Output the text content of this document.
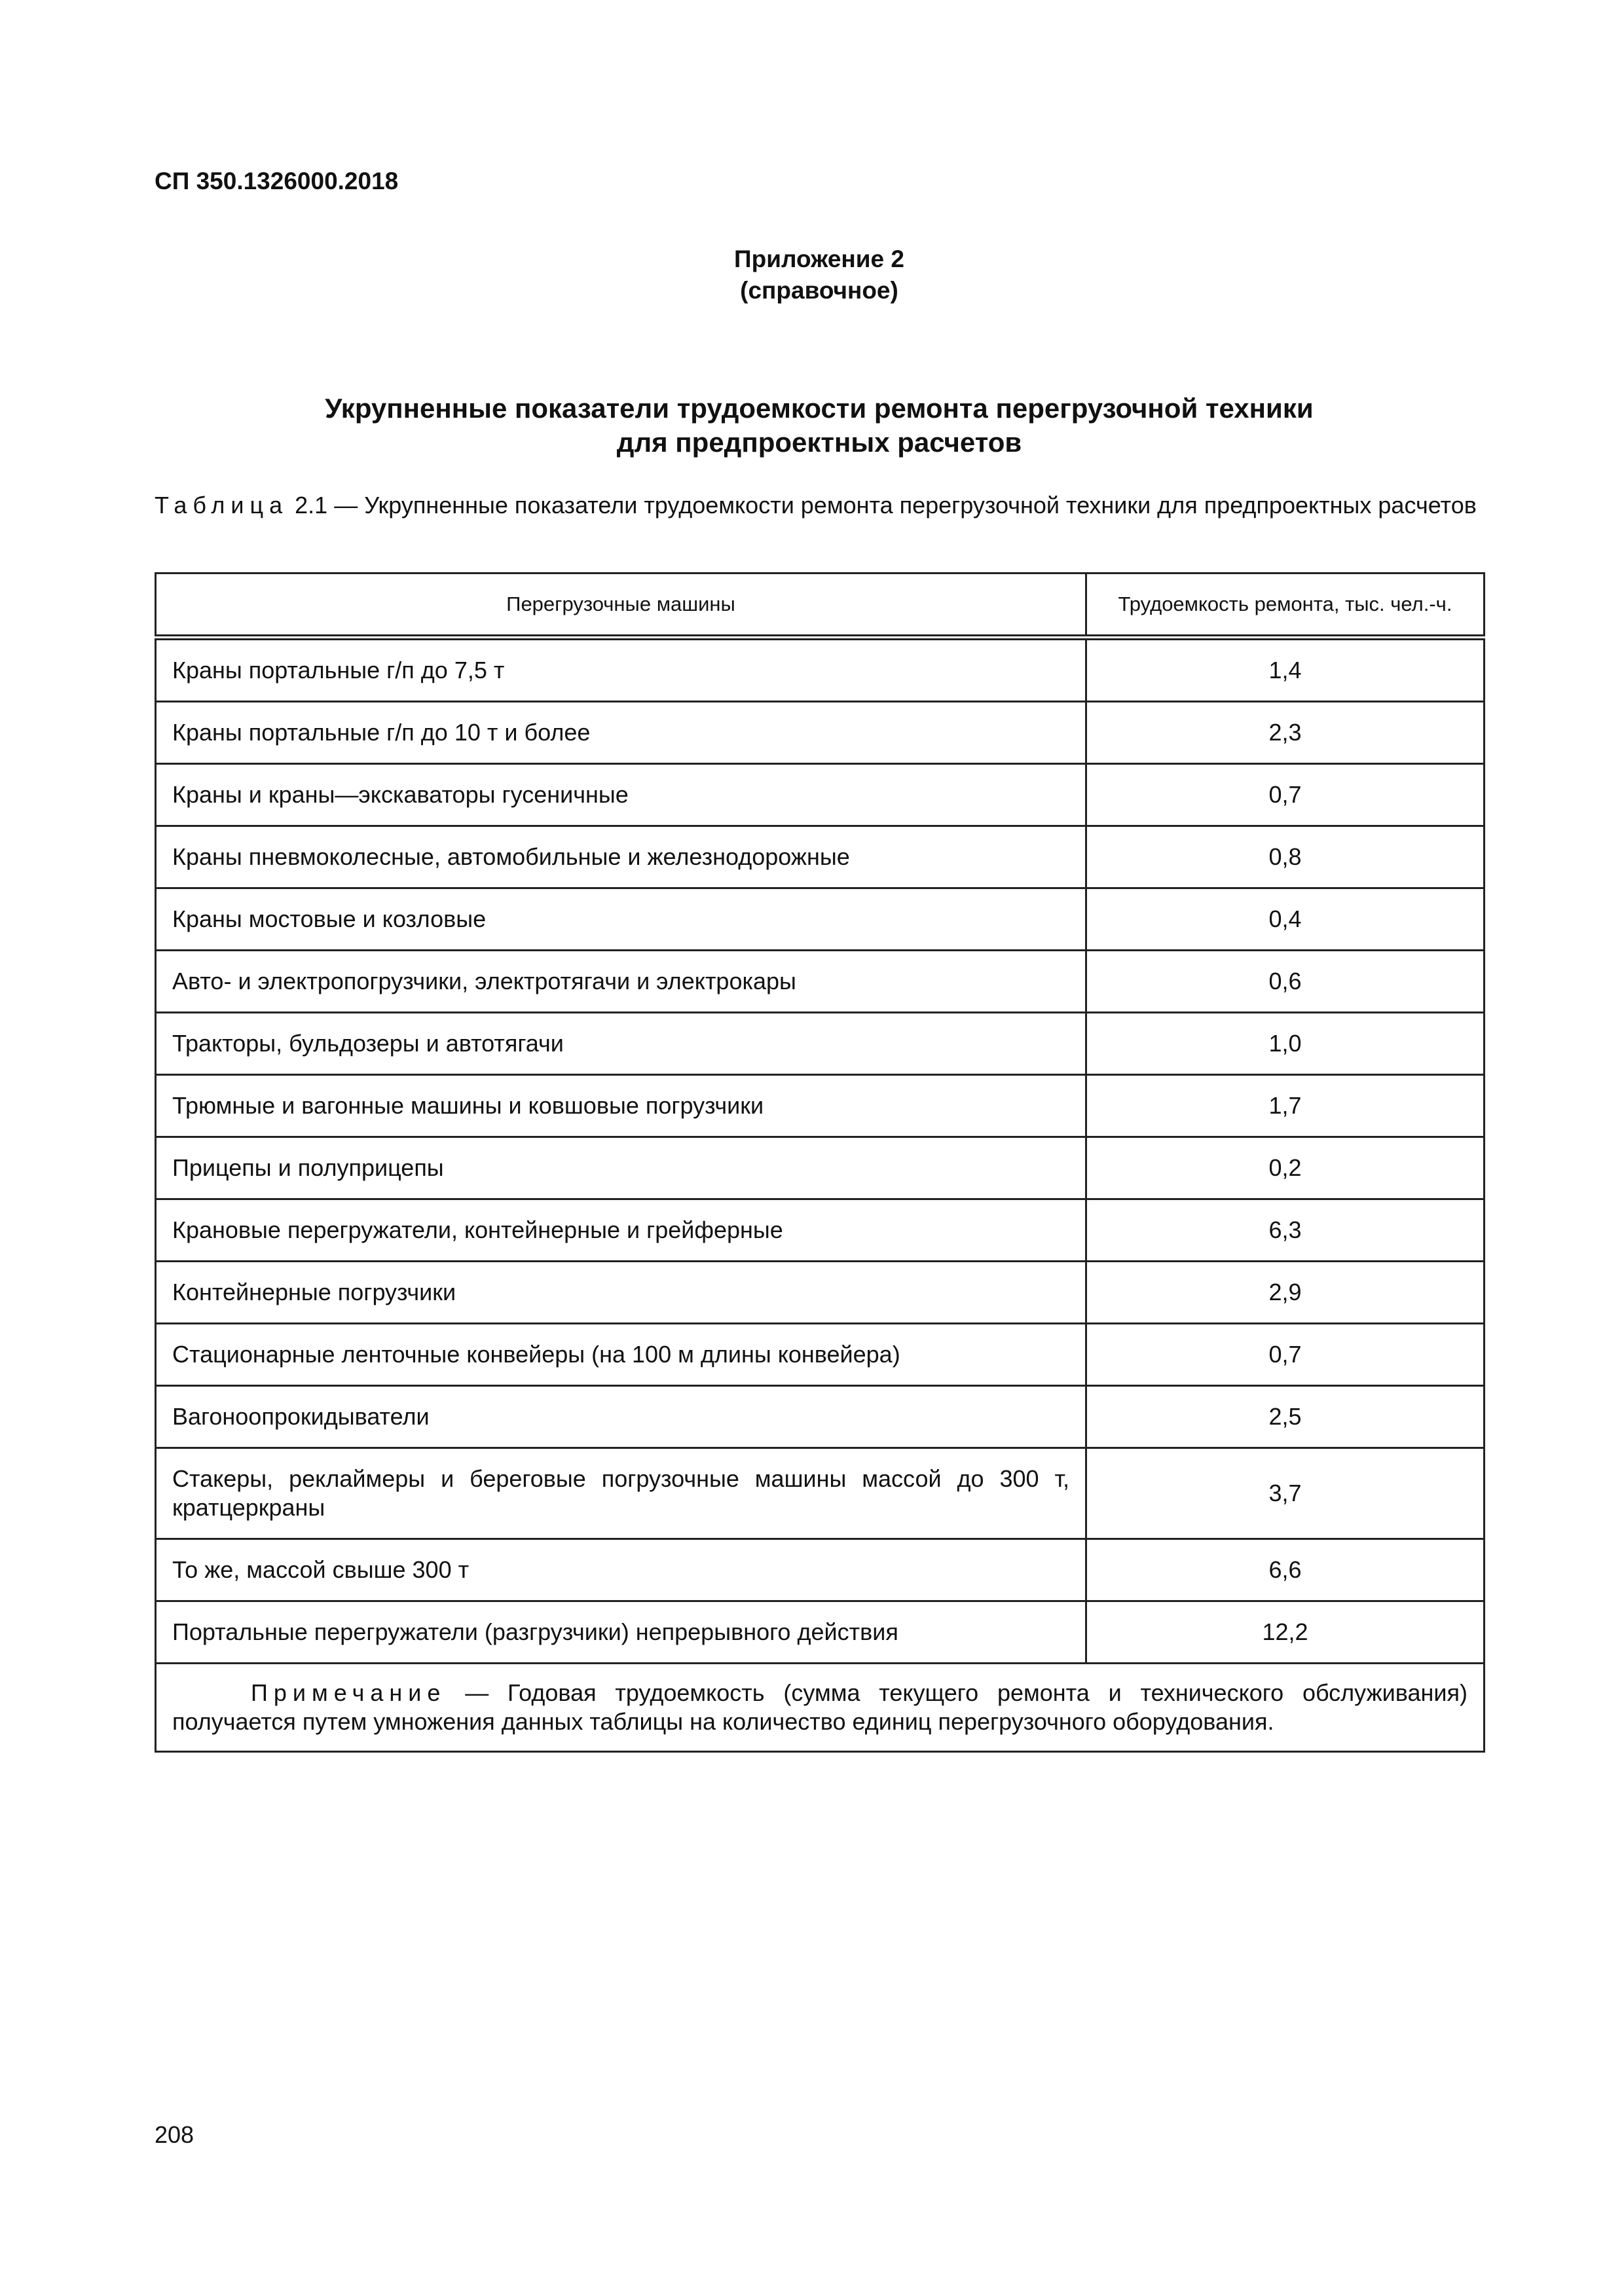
СП 350.1326000.2018

Приложение 2
(справочное)
Укрупненные показатели трудоемкости ремонта перегрузочной техники
для предпроектных расчетов
Таблица 2.1 — Укрупненные показатели трудоемкости ремонта перегрузочной техники для предпроектных расчетов
Перегрузочные машины	Трудоемкость ремонта, тыс. чел.-ч.
Краны портальные г/п до 7,5 т	1,4
Краны портальные г/п до 10 т и более	2,3
Краны и краны—экскаваторы гусеничные	0,7
Краны пневмоколесные, автомобильные и железнодорожные	0,8
Краны мостовые и козловые	0,4
Авто- и электропогрузчики, электротягачи и электрокары	0,6
Тракторы, бульдозеры и автотягачи	1,0
Трюмные и вагонные машины и ковшовые погрузчики	1,7
Прицепы и полуприцепы	0,2
Крановые перегружатели, контейнерные и грейферные	6,3
Контейнерные погрузчики	2,9
Стационарные ленточные конвейеры (на 100 м длины конвейера)	0,7
Вагоноопрокидыватели	2,5
Стакеры, реклаймеры и береговые погрузочные машины массой до 300 т, кратцеркраны	3,7
То же, массой свыше 300 т	6,6
Портальные перегружатели (разгрузчики) непрерывного действия	12,2
Примечание — Годовая трудоемкость (сумма текущего ремонта и технического обслуживания) получается путем умножения данных таблицы на количество единиц перегрузочного оборудования.	

208
